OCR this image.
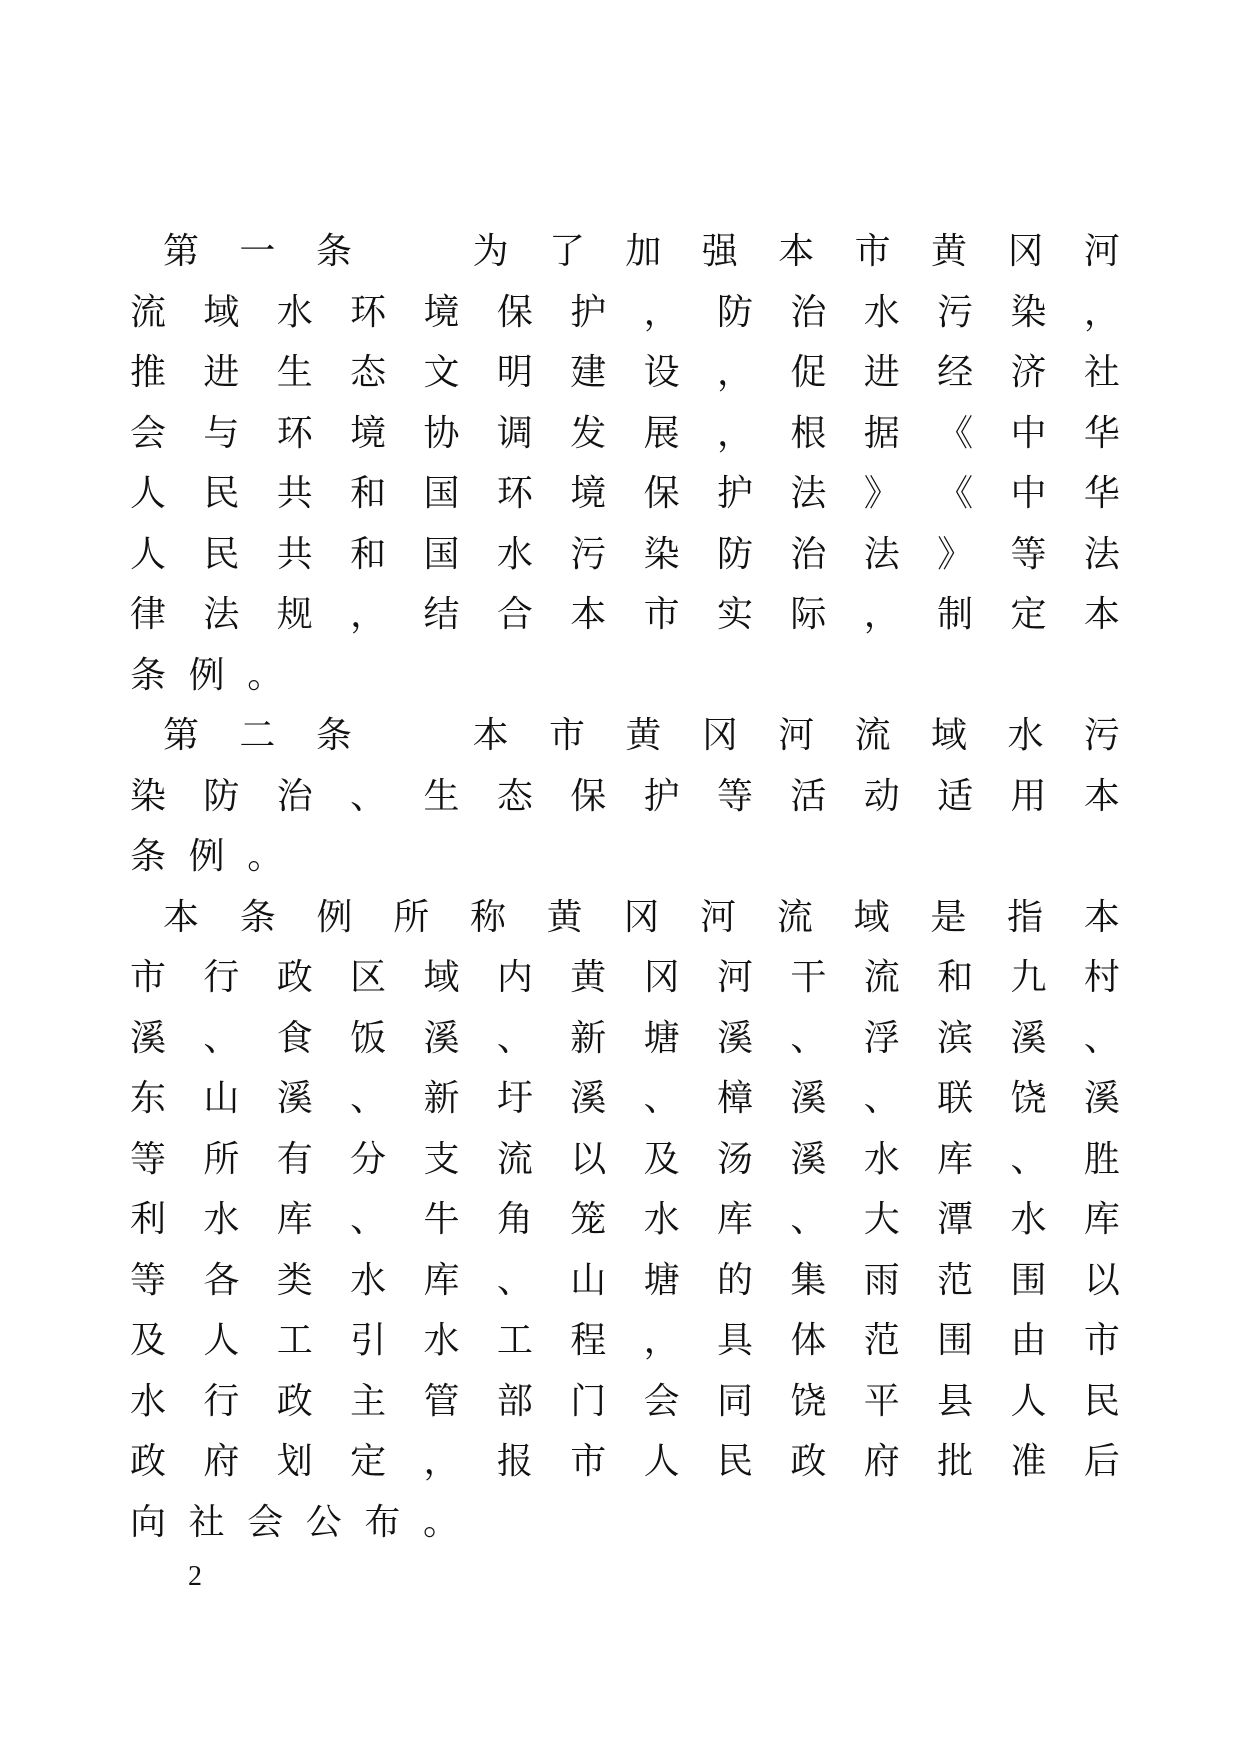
第 一 条	为 了 加 强 本 市 黄 冈 河
流 域 水 环 境 保 护 ， 防 治 水 污 染 ，
推 进 生 态 文 明 建 设 ， 促 进 经 济 社
会 与 环 境 协 调 发 展 ， 根 据 《 中 华
人 民 共 和 国 环 境 保 护 法 》 《 中 华
人 民 共 和 国 水 污 染 防 治 法 》 等 法
律 法 规 ， 结 合 本 市 实 际 ， 制 定 本
条 例 。
第 二 条	本 市 黄 冈 河 流 域 水 污
染 防 治 、 生 态 保 护 等 活 动 适 用 本
条 例 。
本 条 例 所 称 黄 冈 河 流 域 是 指 本
市 行 政 区 域 内 黄 冈 河 干 流 和 九 村
溪 、 食 饭 溪 、 新 塘 溪 、 浮 滨 溪 、
东 山 溪 、 新 圩 溪 、 樟 溪 、 联 饶 溪
等 所 有 分 支 流 以 及 汤 溪 水 库 、 胜
利 水 库 、 牛 角 笼 水 库 、 大 潭 水 库
等 各 类 水 库 、 山 塘 的 集 雨 范 围 以
及 人 工 引 水 工 程 ， 具 体 范 围 由 市
水 行 政 主 管 部 门 会 同 饶 平 县 人 民
政 府 划 定 ， 报 市 人 民 政 府 批 准 后
向 社 会 公 布 。
2
